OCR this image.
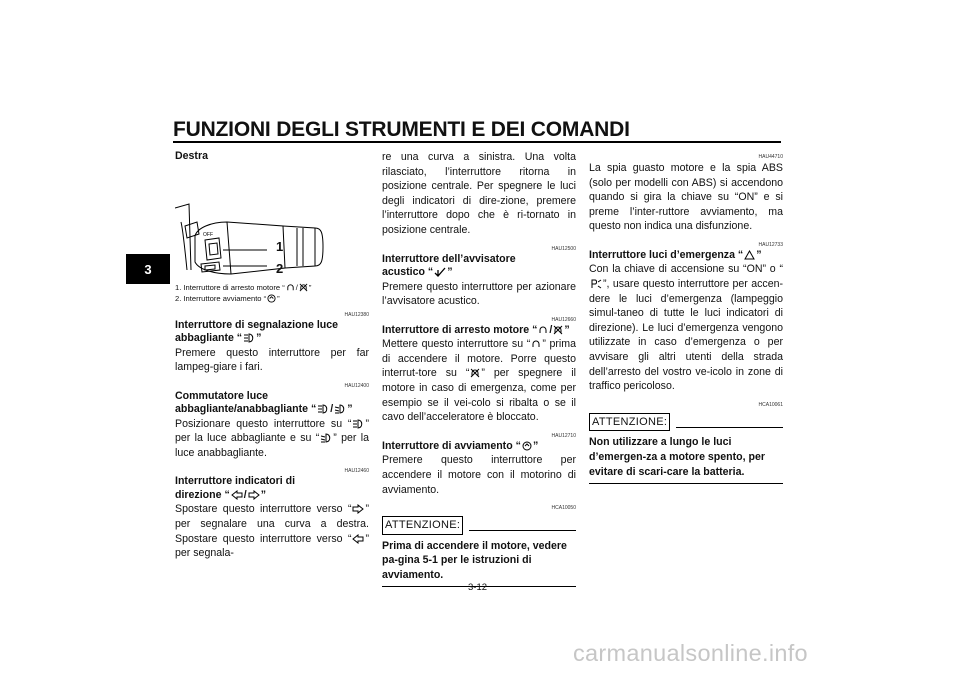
FUNZIONI DEGLI STRUMENTI E DEI COMANDI
3
Destra
OFF
1
2
1. Interruttore di arresto motore “ / ”
2. Interruttore avviamento “ ”
HAU12380
Interruttore di segnalazione luce
abbagliante “ ”
Premere questo interruttore per far lampeg-giare i fari.
HAU12400
Commutatore luce
abbagliante/anabbagliante “ / ”
Posizionare questo interruttore su “ ” per la luce abbagliante e su “ ” per la luce anabbagliante.
HAU12460
Interruttore indicatori di
direzione “ / ”
Spostare questo interruttore verso “ ” per segnalare una curva a destra. Spostare questo interruttore verso “ ” per segnala-
re una curva a sinistra. Una volta rilasciato, l’interruttore ritorna in posizione centrale. Per spegnere le luci degli indicatori di dire-zione, premere l’interruttore dopo che è ri-tornato in posizione centrale.
HAU12500
Interruttore dell’avvisatore
acustico “ ”
Premere questo interruttore per azionare l’avvisatore acustico.
HAU12660
Interruttore di arresto motore “ / ”
Mettere questo interruttore su “ ” prima di accendere il motore. Porre questo interrut-tore su “ ” per spegnere il motore in caso di emergenza, come per esempio se il vei-colo si ribalta o se il cavo dell’acceleratore è bloccato.
HAU12710
Interruttore di avviamento “ ”
Premere questo interruttore per accendere il motore con il motorino di avviamento.
HCA10050
ATTENZIONE:
Prima di accendere il motore, vedere pa-gina 5-1 per le istruzioni di avviamento.
HAU44710
La spia guasto motore e la spia ABS (solo per modelli con ABS) si accendono quando si gira la chiave su “ON” e si preme l’inter-ruttore avviamento, ma questo non indica una disfunzione.
HAU12733
Interruttore luci d’emergenza “ ”
Con la chiave di accensione su “ON” o “”, usare questo interruttore per accen-dere le luci d’emergenza (lampeggio simul-taneo di tutte le luci indicatori di direzione). Le luci d’emergenza vengono utilizzate in caso d’emergenza o per avvisare gli altri utenti della strada dell’arresto del vostro ve-icolo in zone di traffico pericoloso.
HCA10061
ATTENZIONE:
Non utilizzare a lungo le luci d’emergen-za a motore spento, per evitare di scari-care la batteria.
3-12
carmanualsonline.info
